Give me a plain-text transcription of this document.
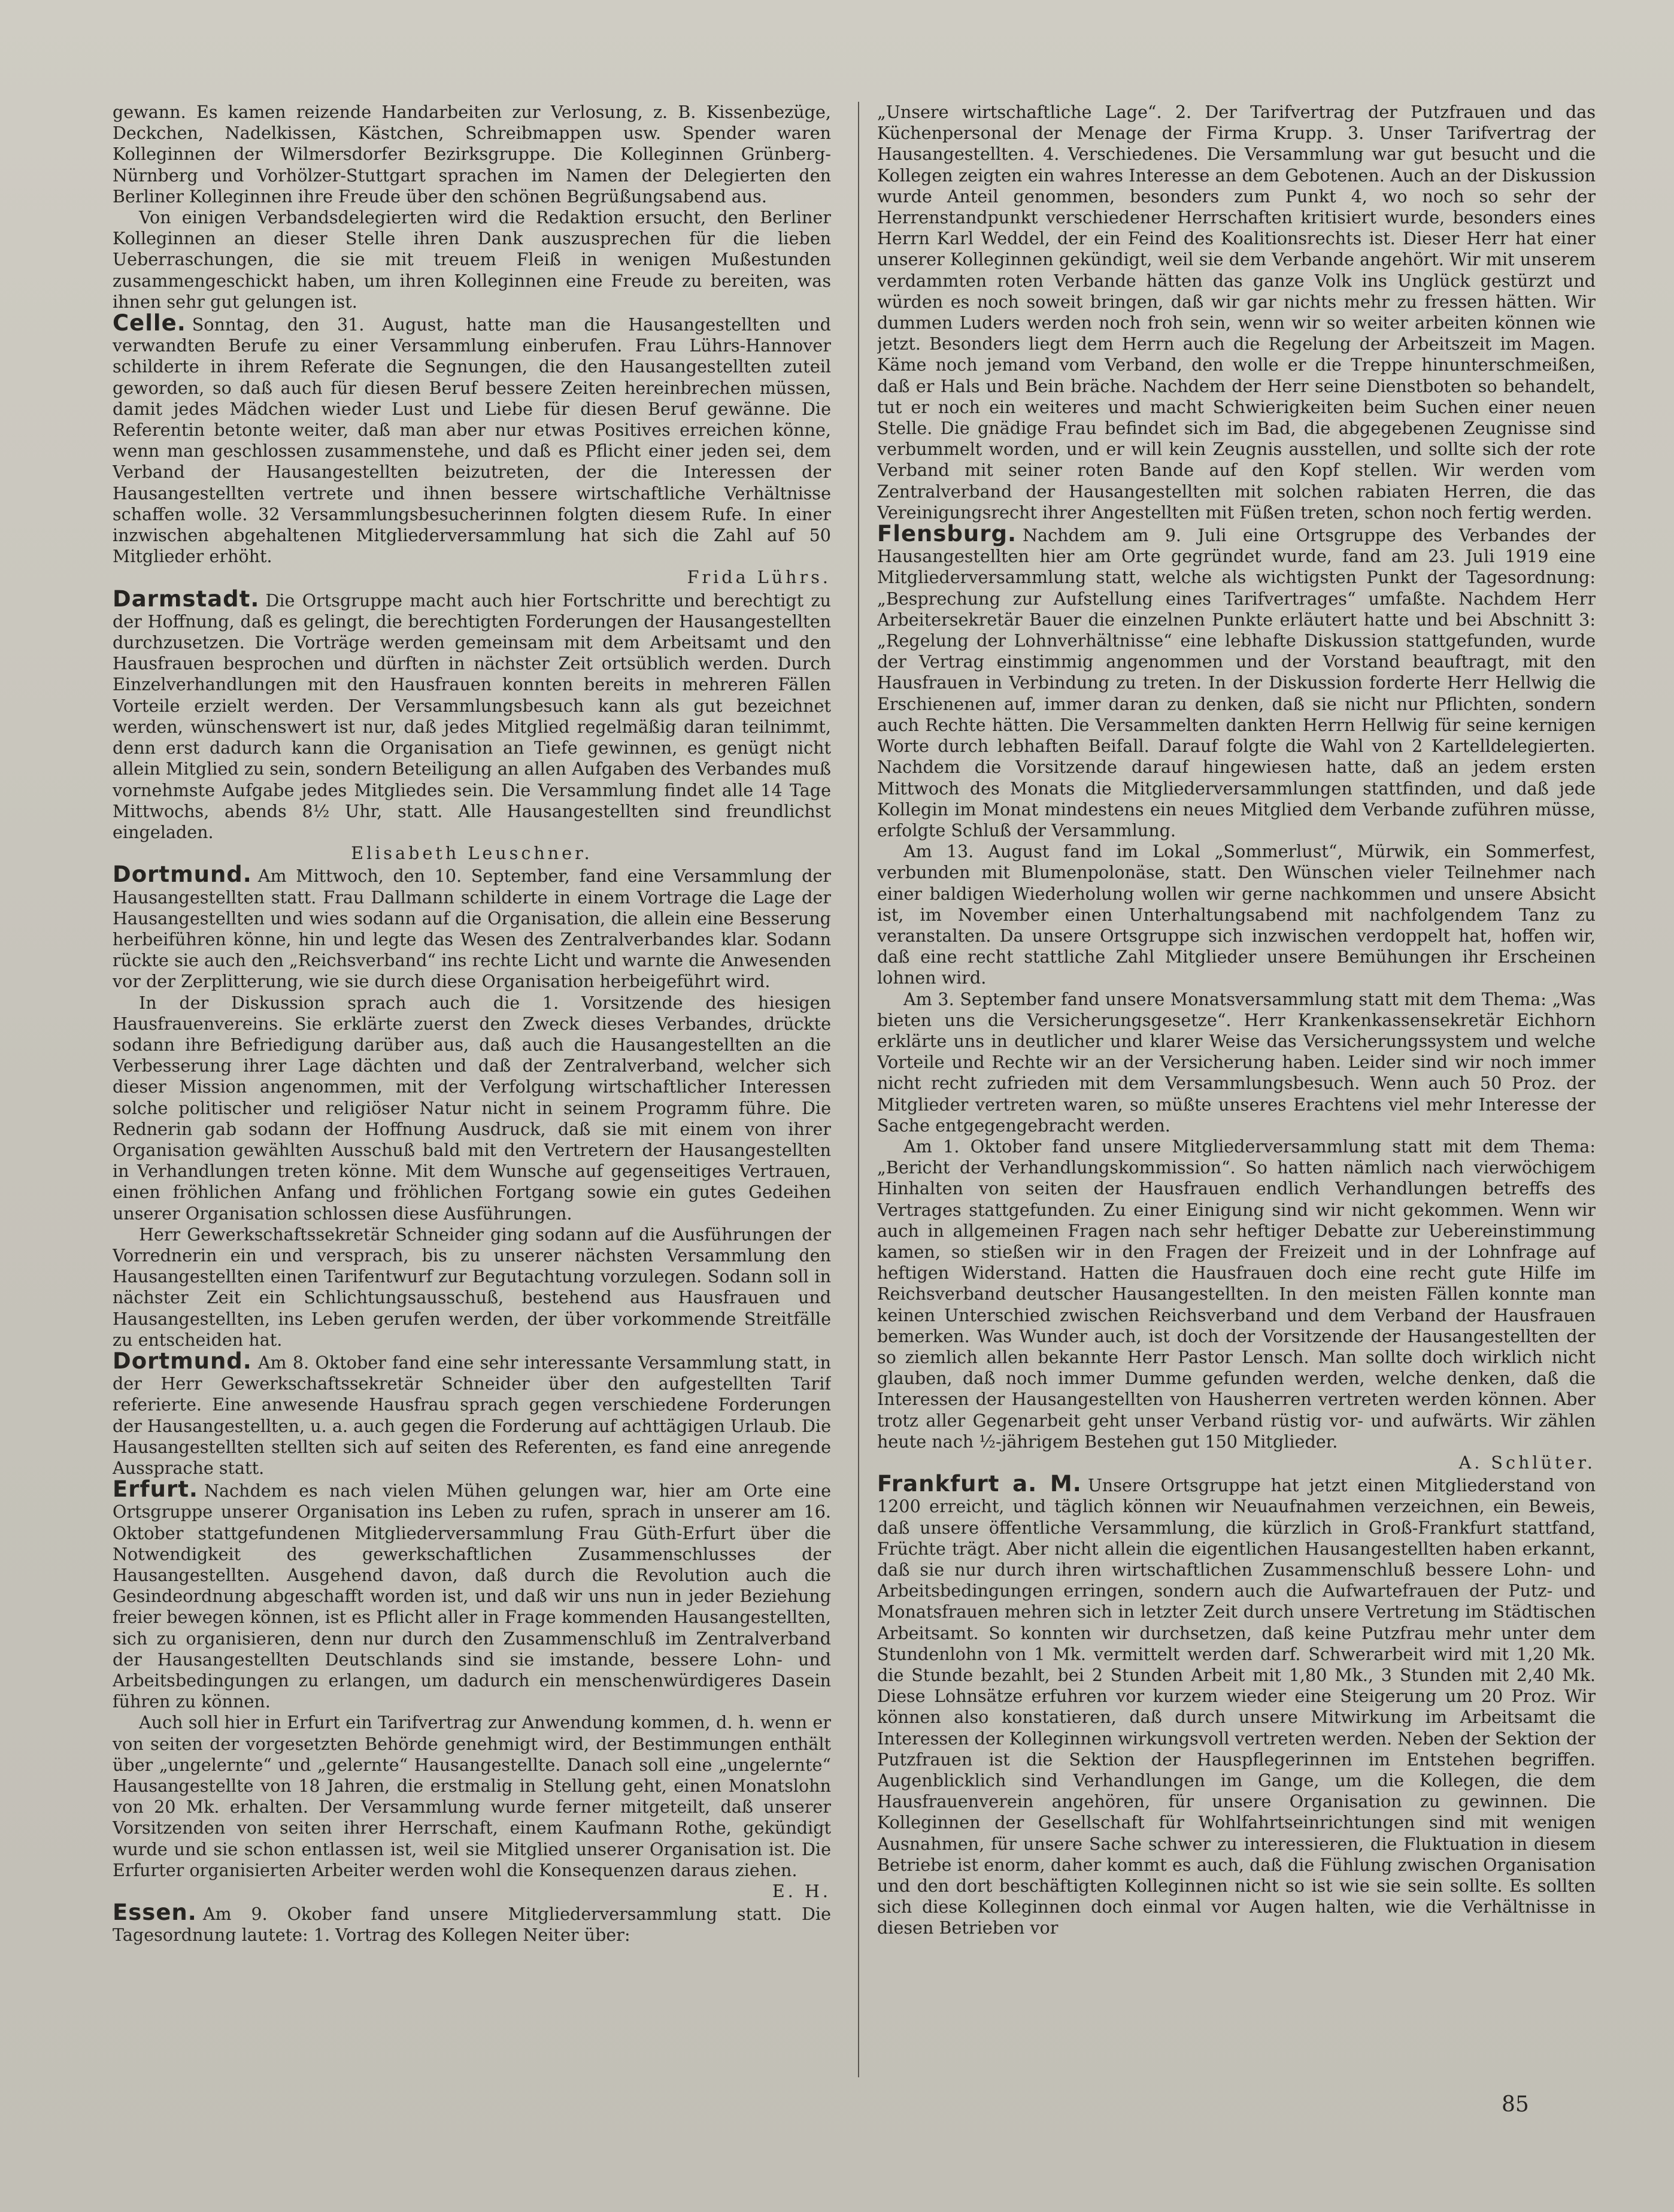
gewann. Es kamen reizende Handarbeiten zur Verlosung, z. B. Kissenbezüge, Deckchen, Nadelkissen, Kästchen, Schreibmappen usw. Spender waren Kolleginnen der Wilmersdorfer Bezirksgruppe. Die Kolleginnen Grünberg-Nürnberg und Vorhölzer-Stuttgart sprachen im Namen der Delegierten den Berliner Kolleginnen ihre Freude über den schönen Begrüßungsabend aus.

Von einigen Verbandsdelegierten wird die Redaktion ersucht, den Berliner Kolleginnen an dieser Stelle ihren Dank auszusprechen für die lieben Ueberraschungen, die sie mit treuem Fleiß in wenigen Mußestunden zusammengeschickt haben, um ihren Kolleginnen eine Freude zu bereiten, was ihnen sehr gut gelungen ist.

Celle. Sonntag, den 31. August, hatte man die Hausangestellten und verwandten Berufe zu einer Versammlung einberufen. Frau Lührs-Hannover schilderte in ihrem Referate die Segnungen, die den Hausangestellten zuteil geworden, so daß auch für diesen Beruf bessere Zeiten hereinbrechen müssen, damit jedes Mädchen wieder Lust und Liebe für diesen Beruf gewänne. Die Referentin betonte weiter, daß man aber nur etwas Positives erreichen könne, wenn man geschlossen zusammenstehe, und daß es Pflicht einer jeden sei, dem Verband der Hausangestellten beizutreten, der die Interessen der Hausangestellten vertrete und ihnen bessere wirtschaftliche Verhältnisse schaffen wolle. 32 Versammlungsbesucherinnen folgten diesem Rufe. In einer inzwischen abgehaltenen Mitgliederversammlung hat sich die Zahl auf 50 Mitglieder erhöht.
Frida Lührs.

Darmstadt. Die Ortsgruppe macht auch hier Fortschritte und berechtigt zu der Hoffnung, daß es gelingt, die berechtigten Forderungen der Hausangestellten durchzusetzen. Die Vorträge werden gemeinsam mit dem Arbeitsamt und den Hausfrauen besprochen und dürften in nächster Zeit ortsüblich werden. Durch Einzelverhandlungen mit den Hausfrauen konnten bereits in mehreren Fällen Vorteile erzielt werden. Der Versammlungsbesuch kann als gut bezeichnet werden, wünschenswert ist nur, daß jedes Mitglied regelmäßig daran teilnimmt, denn erst dadurch kann die Organisation an Tiefe gewinnen, es genügt nicht allein Mitglied zu sein, sondern Beteiligung an allen Aufgaben des Verbandes muß vornehmste Aufgabe jedes Mitgliedes sein. Die Versammlung findet alle 14 Tage Mittwochs, abends 8½ Uhr, statt. Alle Hausangestellten sind freundlichst eingeladen.
Elisabeth Leuschner.

Dortmund. Am Mittwoch, den 10. September, fand eine Versammlung der Hausangestellten statt. Frau Dallmann schilderte in einem Vortrage die Lage der Hausangestellten und wies sodann auf die Organisation, die allein eine Besserung herbeiführen könne, hin und legte das Wesen des Zentralverbandes klar. Sodann rückte sie auch den „Reichsverband“ ins rechte Licht und warnte die Anwesenden vor der Zerplitterung, wie sie durch diese Organisation herbeigeführt wird.

In der Diskussion sprach auch die 1. Vorsitzende des hiesigen Hausfrauenvereins. Sie erklärte zuerst den Zweck dieses Verbandes, drückte sodann ihre Befriedigung darüber aus, daß auch die Hausangestellten an die Verbesserung ihrer Lage dächten und daß der Zentralverband, welcher sich dieser Mission angenommen, mit der Verfolgung wirtschaftlicher Interessen solche politischer und religiöser Natur nicht in seinem Programm führe. Die Rednerin gab sodann der Hoffnung Ausdruck, daß sie mit einem von ihrer Organisation gewählten Ausschuß bald mit den Vertretern der Hausangestellten in Verhandlungen treten könne. Mit dem Wunsche auf gegenseitiges Vertrauen, einen fröhlichen Anfang und fröhlichen Fortgang sowie ein gutes Gedeihen unserer Organisation schlossen diese Ausführungen.

Herr Gewerkschaftssekretär Schneider ging sodann auf die Ausführungen der Vorrednerin ein und versprach, bis zu unserer nächsten Versammlung den Hausangestellten einen Tarifentwurf zur Begutachtung vorzulegen. Sodann soll in nächster Zeit ein Schlichtungsausschuß, bestehend aus Hausfrauen und Hausangestellten, ins Leben gerufen werden, der über vorkommende Streitfälle zu entscheiden hat.

Dortmund. Am 8. Oktober fand eine sehr interessante Versammlung statt, in der Herr Gewerkschaftssekretär Schneider über den aufgestellten Tarif referierte. Eine anwesende Hausfrau sprach gegen verschiedene Forderungen der Hausangestellten, u. a. auch gegen die Forderung auf achttägigen Urlaub. Die Hausangestellten stellten sich auf seiten des Referenten, es fand eine anregende Aussprache statt.

Erfurt. Nachdem es nach vielen Mühen gelungen war, hier am Orte eine Ortsgruppe unserer Organisation ins Leben zu rufen, sprach in unserer am 16. Oktober stattgefundenen Mitgliederversammlung Frau Güth-Erfurt über die Notwendigkeit des gewerkschaftlichen Zusammenschlusses der Hausangestellten. Ausgehend davon, daß durch die Revolution auch die Gesindeordnung abgeschafft worden ist, und daß wir uns nun in jeder Beziehung freier bewegen können, ist es Pflicht aller in Frage kommenden Hausangestellten, sich zu organisieren, denn nur durch den Zusammenschluß im Zentralverband der Hausangestellten Deutschlands sind sie imstande, bessere Lohn- und Arbeitsbedingungen zu erlangen, um dadurch ein menschenwürdigeres Dasein führen zu können.

Auch soll hier in Erfurt ein Tarifvertrag zur Anwendung kommen, d. h. wenn er von seiten der vorgesetzten Behörde genehmigt wird, der Bestimmungen enthält über „ungelernte“ und „gelernte“ Hausangestellte. Danach soll eine „ungelernte“ Hausangestellte von 18 Jahren, die erstmalig in Stellung geht, einen Monatslohn von 20 Mk. erhalten. Der Versammlung wurde ferner mitgeteilt, daß unserer Vorsitzenden von seiten ihrer Herrschaft, einem Kaufmann Rothe, gekündigt wurde und sie schon entlassen ist, weil sie Mitglied unserer Organisation ist. Die Erfurter organisierten Arbeiter werden wohl die Konsequenzen daraus ziehen.
E. H.

Essen. Am 9. Okober fand unsere Mitgliederversammlung statt. Die Tagesordnung lautete: 1. Vortrag des Kollegen Neiter über:

„Unsere wirtschaftliche Lage“. 2. Der Tarifvertrag der Putzfrauen und das Küchenpersonal der Menage der Firma Krupp. 3. Unser Tarifvertrag der Hausangestellten. 4. Verschiedenes. Die Versammlung war gut besucht und die Kollegen zeigten ein wahres Interesse an dem Gebotenen. Auch an der Diskussion wurde Anteil genommen, besonders zum Punkt 4, wo noch so sehr der Herrenstandpunkt verschiedener Herrschaften kritisiert wurde, besonders eines Herrn Karl Weddel, der ein Feind des Koalitionsrechts ist. Dieser Herr hat einer unserer Kolleginnen gekündigt, weil sie dem Verbande angehört. Wir mit unserem verdammten roten Verbande hätten das ganze Volk ins Unglück gestürzt und würden es noch soweit bringen, daß wir gar nichts mehr zu fressen hätten. Wir dummen Luders werden noch froh sein, wenn wir so weiter arbeiten können wie jetzt. Besonders liegt dem Herrn auch die Regelung der Arbeitszeit im Magen. Käme noch jemand vom Verband, den wolle er die Treppe hinunterschmeißen, daß er Hals und Bein bräche. Nachdem der Herr seine Dienstboten so behandelt, tut er noch ein weiteres und macht Schwierigkeiten beim Suchen einer neuen Stelle. Die gnädige Frau befindet sich im Bad, die abgegebenen Zeugnisse sind verbummelt worden, und er will kein Zeugnis ausstellen, und sollte sich der rote Verband mit seiner roten Bande auf den Kopf stellen. Wir werden vom Zentralverband der Hausangestellten mit solchen rabiaten Herren, die das Vereinigungsrecht ihrer Angestellten mit Füßen treten, schon noch fertig werden.

Flensburg. Nachdem am 9. Juli eine Ortsgruppe des Verbandes der Hausangestellten hier am Orte gegründet wurde, fand am 23. Juli 1919 eine Mitgliederversammlung statt, welche als wichtigsten Punkt der Tagesordnung: „Besprechung zur Aufstellung eines Tarifvertrages“ umfaßte. Nachdem Herr Arbeitersekretär Bauer die einzelnen Punkte erläutert hatte und bei Abschnitt 3: „Regelung der Lohnverhältnisse“ eine lebhafte Diskussion stattgefunden, wurde der Vertrag einstimmig angenommen und der Vorstand beauftragt, mit den Hausfrauen in Verbindung zu treten. In der Diskussion forderte Herr Hellwig die Erschienenen auf, immer daran zu denken, daß sie nicht nur Pflichten, sondern auch Rechte hätten. Die Versammelten dankten Herrn Hellwig für seine kernigen Worte durch lebhaften Beifall. Darauf folgte die Wahl von 2 Kartelldelegierten. Nachdem die Vorsitzende darauf hingewiesen hatte, daß an jedem ersten Mittwoch des Monats die Mitgliederversammlungen stattfinden, und daß jede Kollegin im Monat mindestens ein neues Mitglied dem Verbande zuführen müsse, erfolgte Schluß der Versammlung.

Am 13. August fand im Lokal „Sommerlust“, Mürwik, ein Sommerfest, verbunden mit Blumenpolonäse, statt. Den Wünschen vieler Teilnehmer nach einer baldigen Wiederholung wollen wir gerne nachkommen und unsere Absicht ist, im November einen Unterhaltungsabend mit nachfolgendem Tanz zu veranstalten. Da unsere Ortsgruppe sich inzwischen verdoppelt hat, hoffen wir, daß eine recht stattliche Zahl Mitglieder unsere Bemühungen ihr Erscheinen lohnen wird.

Am 3. September fand unsere Monatsversammlung statt mit dem Thema: „Was bieten uns die Versicherungsgesetze“. Herr Krankenkassensekretär Eichhorn erklärte uns in deutlicher und klarer Weise das Versicherungssystem und welche Vorteile und Rechte wir an der Versicherung haben. Leider sind wir noch immer nicht recht zufrieden mit dem Versammlungsbesuch. Wenn auch 50 Proz. der Mitglieder vertreten waren, so müßte unseres Erachtens viel mehr Interesse der Sache entgegengebracht werden.

Am 1. Oktober fand unsere Mitgliederversammlung statt mit dem Thema: „Bericht der Verhandlungskommission“. So hatten nämlich nach vierwöchigem Hinhalten von seiten der Hausfrauen endlich Verhandlungen betreffs des Vertrages stattgefunden. Zu einer Einigung sind wir nicht gekommen. Wenn wir auch in allgemeinen Fragen nach sehr heftiger Debatte zur Uebereinstimmung kamen, so stießen wir in den Fragen der Freizeit und in der Lohnfrage auf heftigen Widerstand. Hatten die Hausfrauen doch eine recht gute Hilfe im Reichsverband deutscher Hausangestellten. In den meisten Fällen konnte man keinen Unterschied zwischen Reichsverband und dem Verband der Hausfrauen bemerken. Was Wunder auch, ist doch der Vorsitzende der Hausangestellten der so ziemlich allen bekannte Herr Pastor Lensch. Man sollte doch wirklich nicht glauben, daß noch immer Dumme gefunden werden, welche denken, daß die Interessen der Hausangestellten von Hausherren vertreten werden können. Aber trotz aller Gegenarbeit geht unser Verband rüstig vor- und aufwärts. Wir zählen heute nach ½-jährigem Bestehen gut 150 Mitglieder.
A. Schlüter.

Frankfurt a. M. Unsere Ortsgruppe hat jetzt einen Mitgliederstand von 1200 erreicht, und täglich können wir Neuaufnahmen verzeichnen, ein Beweis, daß unsere öffentliche Versammlung, die kürzlich in Groß-Frankfurt stattfand, Früchte trägt. Aber nicht allein die eigentlichen Hausangestellten haben erkannt, daß sie nur durch ihren wirtschaftlichen Zusammenschluß bessere Lohn- und Arbeitsbedingungen erringen, sondern auch die Aufwartefrauen der Putz- und Monatsfrauen mehren sich in letzter Zeit durch unsere Vertretung im Städtischen Arbeitsamt. So konnten wir durchsetzen, daß keine Putzfrau mehr unter dem Stundenlohn von 1 Mk. vermittelt werden darf. Schwerarbeit wird mit 1,20 Mk. die Stunde bezahlt, bei 2 Stunden Arbeit mit 1,80 Mk., 3 Stunden mit 2,40 Mk. Diese Lohnsätze erfuhren vor kurzem wieder eine Steigerung um 20 Proz. Wir können also konstatieren, daß durch unsere Mitwirkung im Arbeitsamt die Interessen der Kolleginnen wirkungsvoll vertreten werden. Neben der Sektion der Putzfrauen ist die Sektion der Hauspflegerinnen im Entstehen begriffen. Augenblicklich sind Verhandlungen im Gange, um die Kollegen, die dem Hausfrauenverein angehören, für unsere Organisation zu gewinnen. Die Kolleginnen der Gesellschaft für Wohlfahrtseinrichtungen sind mit wenigen Ausnahmen, für unsere Sache schwer zu interessieren, die Fluktuation in diesem Betriebe ist enorm, daher kommt es auch, daß die Fühlung zwischen Organisation und den dort beschäftigten Kolleginnen nicht so ist wie sie sein sollte. Es sollten sich diese Kolleginnen doch einmal vor Augen halten, wie die Verhältnisse in diesen Betrieben vor

85
